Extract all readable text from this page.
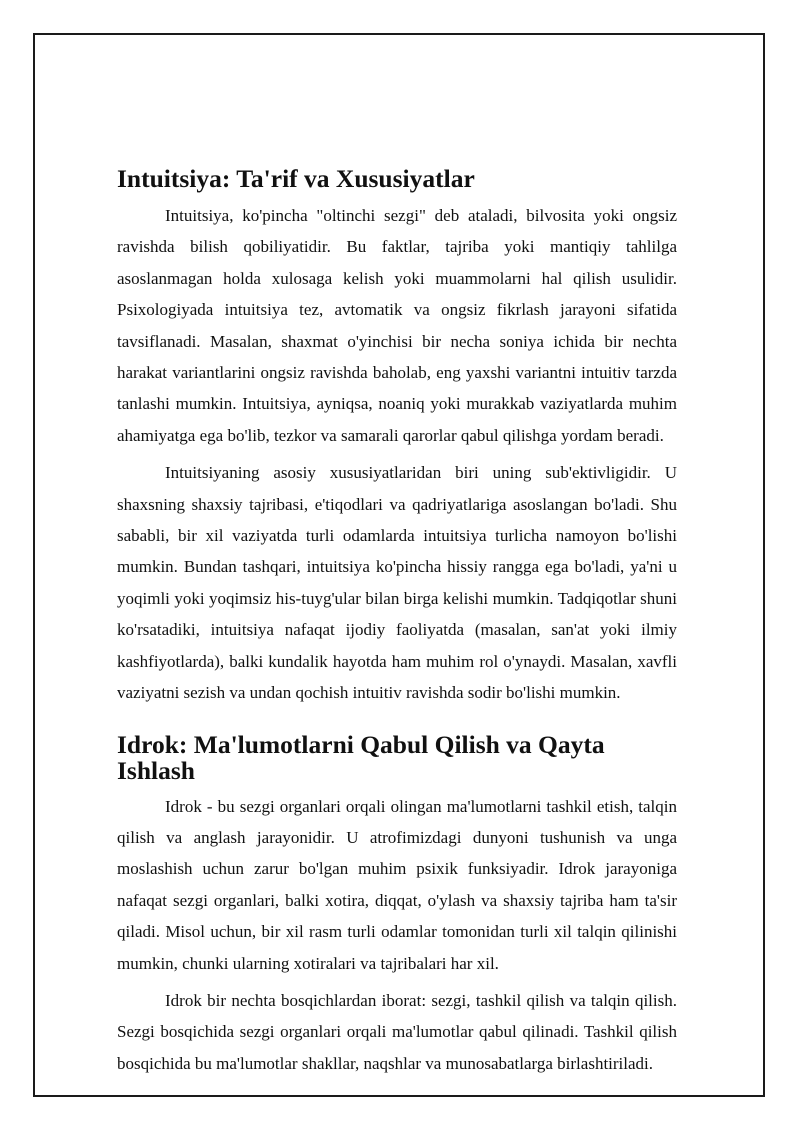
Intuitsiya: Ta'rif va Xususiyatlar

Intuitsiya, ko'pincha "oltinchi sezgi" deb ataladi, bilvosita yoki ongsiz ravishda bilish qobiliyatidir. Bu faktlar, tajriba yoki mantiqiy tahlilga asoslanmagan holda xulosaga kelish yoki muammolarni hal qilish usulidir. Psixologiyada intuitsiya tez, avtomatik va ongsiz fikrlash jarayoni sifatida tavsiflanadi. Masalan, shaxmat o'yinchisi bir necha soniya ichida bir nechta harakat variantlarini ongsiz ravishda baholab, eng yaxshi variantni intuitiv tarzda tanlashi mumkin. Intuitsiya, ayniqsa, noaniq yoki murakkab vaziyatlarda muhim ahamiyatga ega bo'lib, tezkor va samarali qarorlar qabul qilishga yordam beradi.

Intuitsiyaning asosiy xususiyatlaridan biri uning sub'ektivligidir. U shaxsning shaxsiy tajribasi, e'tiqodlari va qadriyatlariga asoslangan bo'ladi. Shu sababli, bir xil vaziyatda turli odamlarda intuitsiya turlicha namoyon bo'lishi mumkin. Bundan tashqari, intuitsiya ko'pincha hissiy rangga ega bo'ladi, ya'ni u yoqimli yoki yoqimsiz his-tuyg'ular bilan birga kelishi mumkin. Tadqiqotlar shuni ko'rsatadiki, intuitsiya nafaqat ijodiy faoliyatda (masalan, san'at yoki ilmiy kashfiyotlarda), balki kundalik hayotda ham muhim rol o'ynaydi. Masalan, xavfli vaziyatni sezish va undan qochish intuitiv ravishda sodir bo'lishi mumkin.

Idrok: Ma'lumotlarni Qabul Qilish va Qayta Ishlash

Idrok - bu sezgi organlari orqali olingan ma'lumotlarni tashkil etish, talqin qilish va anglash jarayonidir. U atrofimizdagi dunyoni tushunish va unga moslashish uchun zarur bo'lgan muhim psixik funksiyadir. Idrok jarayoniga nafaqat sezgi organlari, balki xotira, diqqat, o'ylash va shaxsiy tajriba ham ta'sir qiladi. Misol uchun, bir xil rasm turli odamlar tomonidan turli xil talqin qilinishi mumkin, chunki ularning xotiralari va tajribalari har xil.

Idrok bir nechta bosqichlardan iborat: sezgi, tashkil qilish va talqin qilish. Sezgi bosqichida sezgi organlari orqali ma'lumotlar qabul qilinadi. Tashkil qilish bosqichida bu ma'lumotlar shakllar, naqshlar va munosabatlarga birlashtiriladi.
